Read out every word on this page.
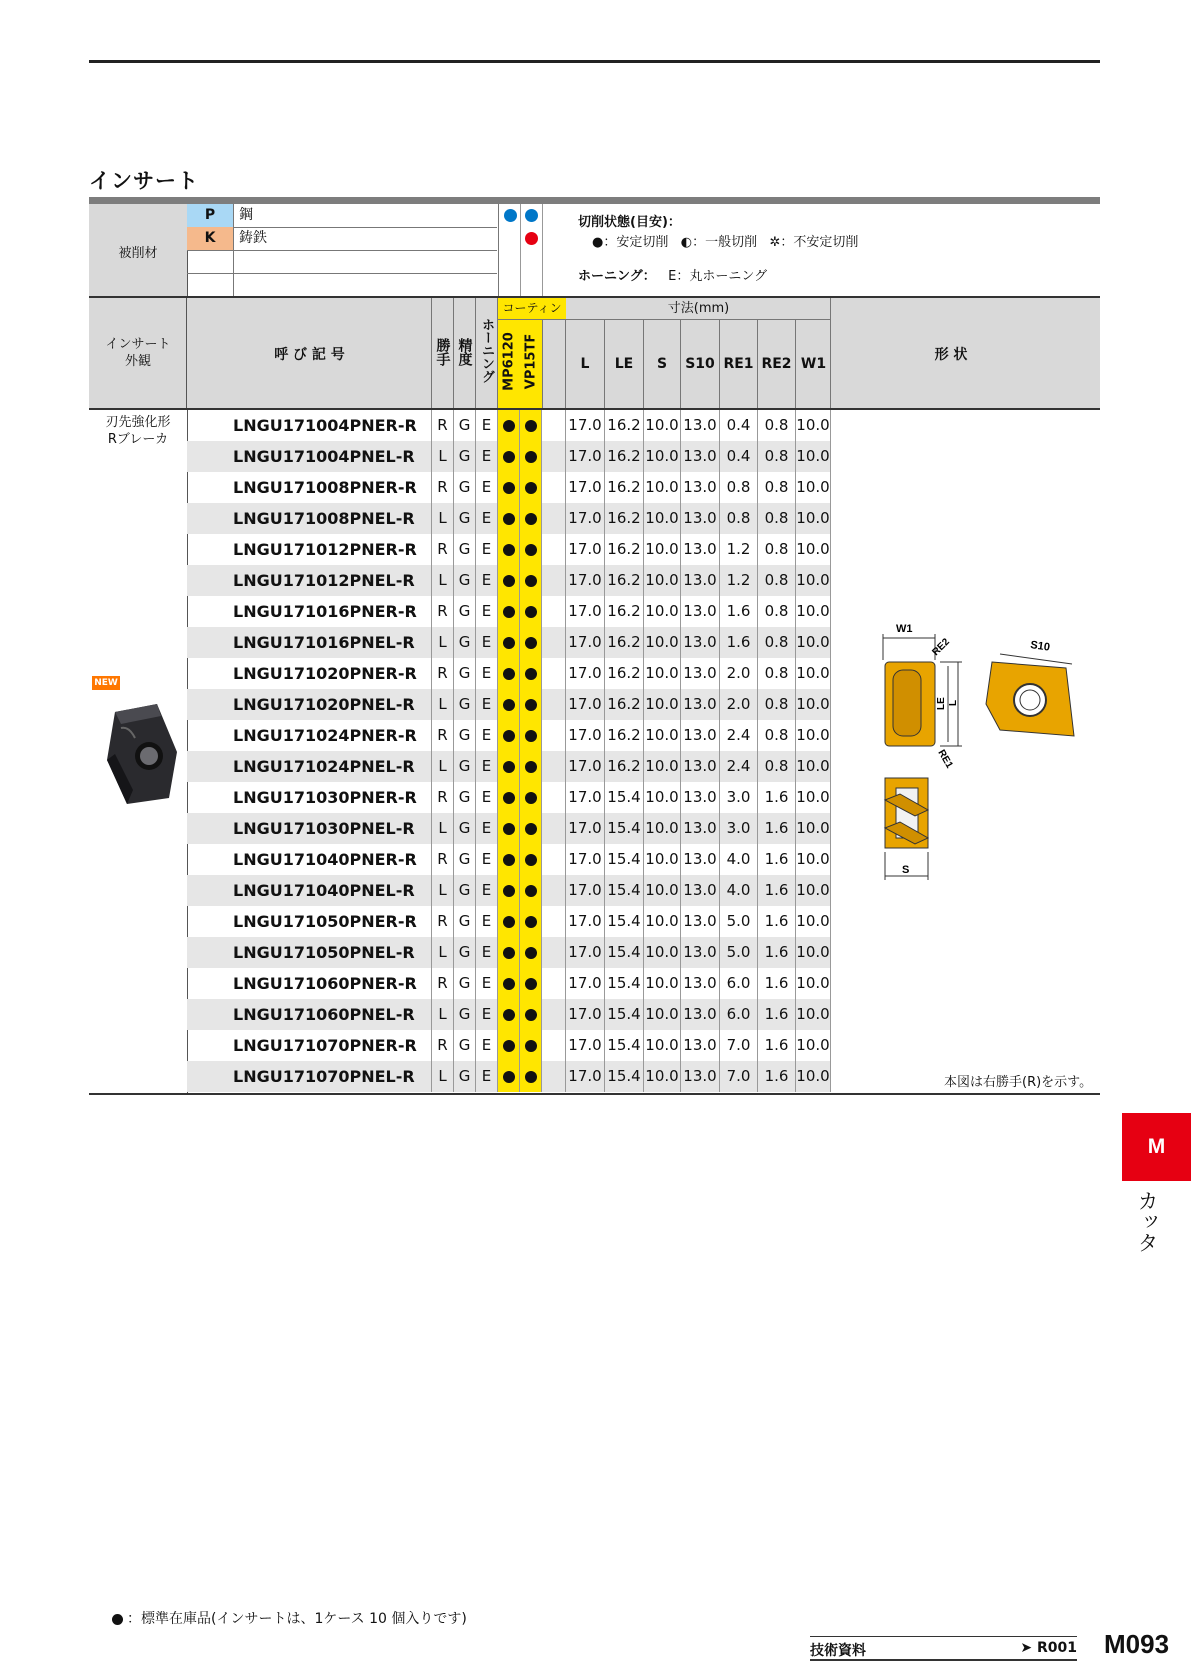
インサート
被削材
P	鋼
K	鋳鉄
切削状態(目安)：
●：安定切削 ◐：一般切削 ✲：不安定切削
ホーニング： E：丸ホーニング
インサート
外観	呼 び 記 号	勝手 精度 ホーニング
コーティン
MP6120 VP15TF
寸法(mm)
L	LE	S	S10 RE1 RE2 W1
形 状
刃先強化形
Rブレーカ
NEW
LNGU171004PNER-R	R G E	17.0 16.2 10.0 13.0 0.4 0.8 10.0
LNGU171004PNEL-R	L G E	17.0 16.2 10.0 13.0 0.4 0.8 10.0
LNGU171008PNER-R	R G E	17.0 16.2 10.0 13.0 0.8 0.8 10.0
LNGU171008PNEL-R	L G E	17.0 16.2 10.0 13.0 0.8 0.8 10.0
LNGU171012PNER-R	R G E	17.0 16.2 10.0 13.0 1.2 0.8 10.0
LNGU171012PNEL-R	L G E	17.0 16.2 10.0 13.0 1.2 0.8 10.0
LNGU171016PNER-R	R G E	17.0 16.2 10.0 13.0 1.6 0.8 10.0
LNGU171016PNEL-R	L G E	17.0 16.2 10.0 13.0 1.6 0.8 10.0
LNGU171020PNER-R	R G E	17.0 16.2 10.0 13.0 2.0 0.8 10.0
LNGU171020PNEL-R	L G E	17.0 16.2 10.0 13.0 2.0 0.8 10.0
LNGU171024PNER-R	R G E	17.0 16.2 10.0 13.0 2.4 0.8 10.0
LNGU171024PNEL-R	L G E	17.0 16.2 10.0 13.0 2.4 0.8 10.0
LNGU171030PNER-R	R G E	17.0 15.4 10.0 13.0 3.0 1.6 10.0
LNGU171030PNEL-R	L G E	17.0 15.4 10.0 13.0 3.0 1.6 10.0
LNGU171040PNER-R	R G E	17.0 15.4 10.0 13.0 4.0 1.6 10.0
LNGU171040PNEL-R	L G E	17.0 15.4 10.0 13.0 4.0 1.6 10.0
LNGU171050PNER-R	R G E	17.0 15.4 10.0 13.0 5.0 1.6 10.0
LNGU171050PNEL-R	L G E	17.0 15.4 10.0 13.0 5.0 1.6 10.0
LNGU171060PNER-R	R G E	17.0 15.4 10.0 13.0 6.0 1.6 10.0
LNGU171060PNEL-R	L G E	17.0 15.4 10.0 13.0 6.0 1.6 10.0
LNGU171070PNER-R	R G E	17.0 15.4 10.0 13.0 7.0 1.6 10.0
LNGU171070PNEL-R	L G E	17.0 15.4 10.0 13.0 7.0 1.6 10.0
W1
RE2
LE L
RE1
S10
S
本図は右勝手(R)を示す。
M
カッタ
：標準在庫品(インサートは、1ケース 10 個入りです)
技術資料	➤ R001 M093
